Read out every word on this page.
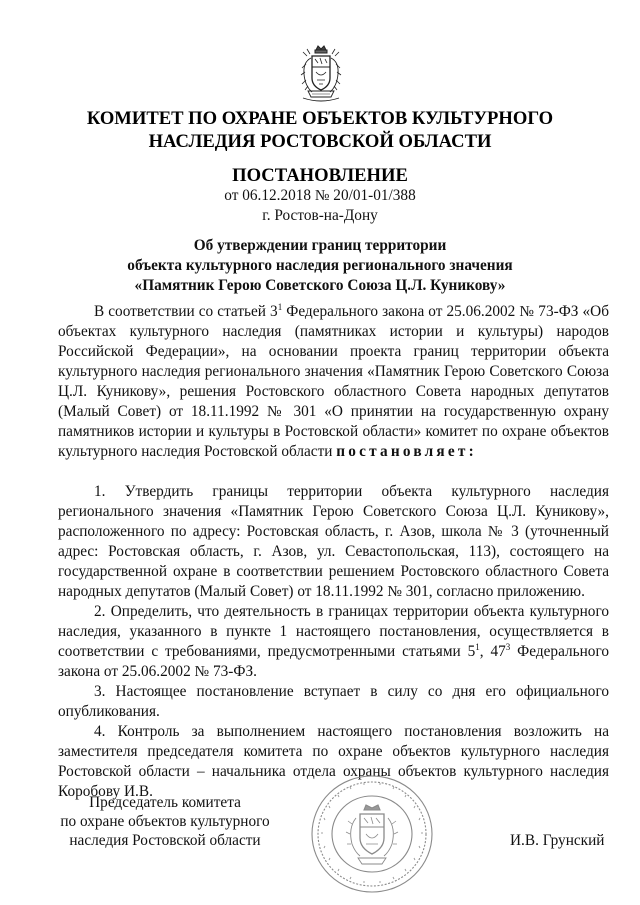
КОМИТЕТ ПО ОХРАНЕ ОБЪЕКТОВ КУЛЬТУРНОГО
НАСЛЕДИЯ РОСТОВСКОЙ ОБЛАСТИ
ПОСТАНОВЛЕНИЕ
от 06.12.2018 № 20/01-01/388
г. Ростов-на-Дону
Об утверждении границ территории
объекта культурного наследия регионального значения
«Памятник Герою Советского Союза Ц.Л. Куникову»

В соответствии со статьей $3^1$ Федерального закона от 25.06.2002 № 73-ФЗ «Об объектах культурного наследия (памятниках истории и культуры) народов Российской Федерации», на основании проекта границ территории объекта культурного наследия регионального значения «Памятник Герою Советского Союза Ц.Л. Куникову», решения Ростовского областного Совета народных депутатов (Малый Совет) от 18.11.1992 № 301 «О принятии на государственную охрану памятников истории и культуры в Ростовской области» комитет по охране объектов культурного наследия Ростовской области постановляет:

1. Утвердить границы территории объекта культурного наследия регионального значения «Памятник Герою Советского Союза Ц.Л. Куникову», расположенного по адресу: Ростовская область, г. Азов, школа № 3 (уточненный адрес: Ростовская область, г. Азов, ул. Севастопольская, 113), состоящего на государственной охране в соответствии решением Ростовского областного Совета народных депутатов (Малый Совет) от 18.11.1992 № 301, согласно приложению.

2. Определить, что деятельность в границах территории объекта культурного наследия, указанного в пункте 1 настоящего постановления, осуществляется в соответствии с требованиями, предусмотренными статьями $5^1$, $47^3$ Федерального закона от 25.06.2002 № 73-ФЗ.

3. Настоящее постановление вступает в силу со дня его официального опубликования.

4. Контроль за выполнением настоящего постановления возложить на заместителя председателя комитета по охране объектов культурного наследия Ростовской области – начальника отдела охраны объектов культурного наследия Коробову И.В.

Председатель комитета
по охране объектов культурного
наследия Ростовской области	И.В. Грунский
